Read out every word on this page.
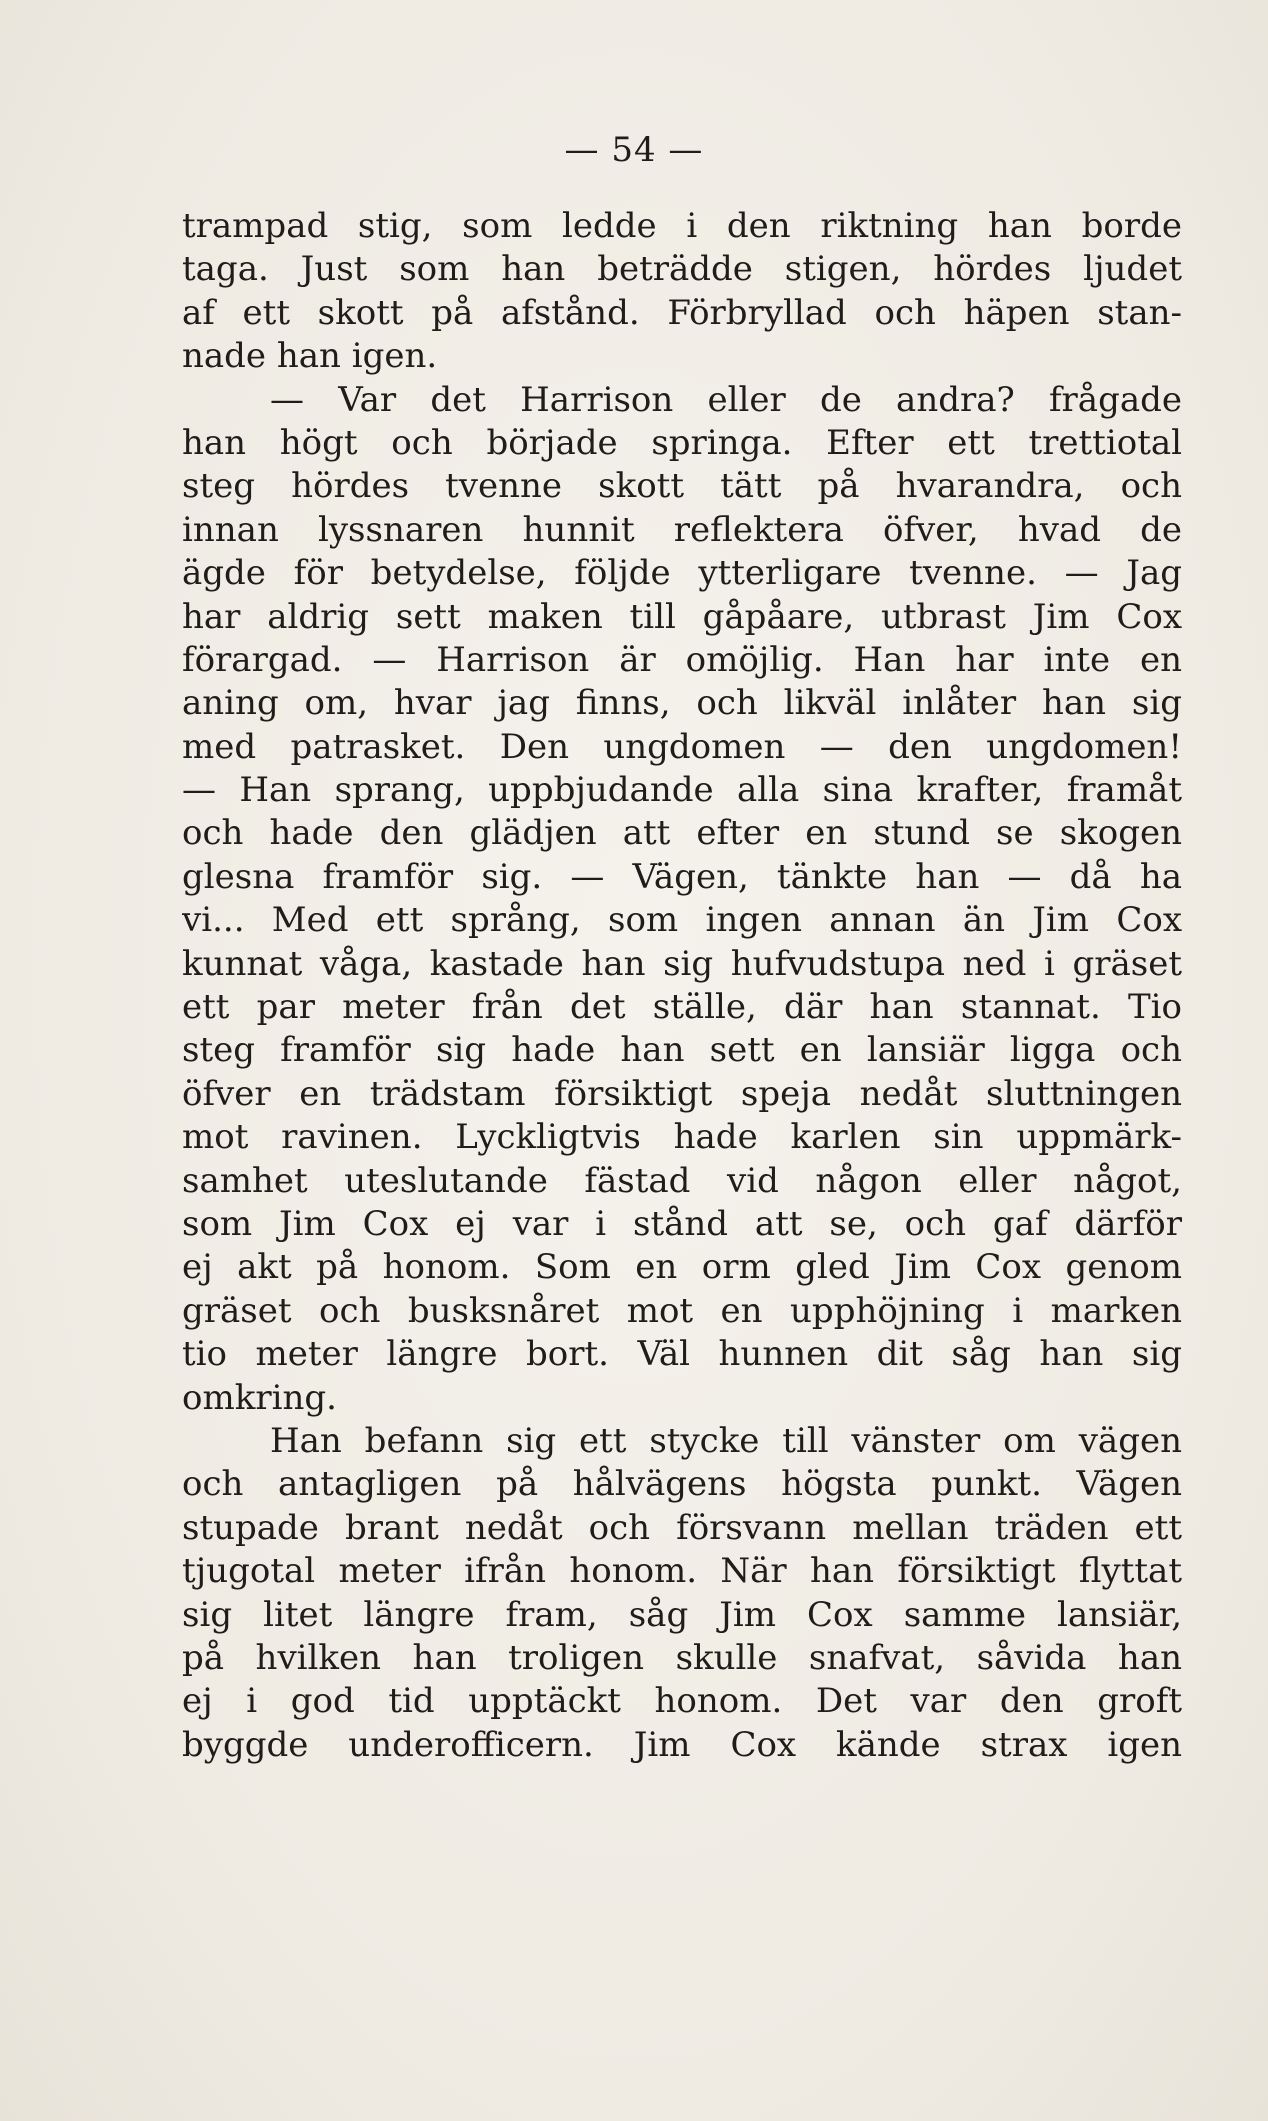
— 54 —
trampad stig, som ledde i den riktning han borde
taga. Just som han beträdde stigen, hördes ljudet
af ett skott på afstånd. Förbryllad och häpen stan-
nade han igen.
— Var det Harrison eller de andra? frågade
han högt och började springa. Efter ett trettiotal
steg hördes tvenne skott tätt på hvarandra, och
innan lyssnaren hunnit reflektera öfver, hvad de
ägde för betydelse, följde ytterligare tvenne. — Jag
har aldrig sett maken till gåpåare, utbrast Jim Cox
förargad. — Harrison är omöjlig. Han har inte en
aning om, hvar jag finns, och likväl inlåter han sig
med patrasket. Den ungdomen — den ungdomen!
— Han sprang, uppbjudande alla sina krafter, framåt
och hade den glädjen att efter en stund se skogen
glesna framför sig. — Vägen, tänkte han — då ha
vi... Med ett språng, som ingen annan än Jim Cox
kunnat våga, kastade han sig hufvudstupa ned i gräset
ett par meter från det ställe, där han stannat. Tio
steg framför sig hade han sett en lansiär ligga och
öfver en trädstam försiktigt speja nedåt sluttningen
mot ravinen. Lyckligtvis hade karlen sin uppmärk-
samhet uteslutande fästad vid någon eller något,
som Jim Cox ej var i stånd att se, och gaf därför
ej akt på honom. Som en orm gled Jim Cox genom
gräset och busksnåret mot en upphöjning i marken
tio meter längre bort. Väl hunnen dit såg han sig
omkring.
Han befann sig ett stycke till vänster om vägen
och antagligen på hålvägens högsta punkt. Vägen
stupade brant nedåt och försvann mellan träden ett
tjugotal meter ifrån honom. När han försiktigt flyttat
sig litet längre fram, såg Jim Cox samme lansiär,
på hvilken han troligen skulle snafvat, såvida han
ej i god tid upptäckt honom. Det var den groft
byggde underofficern. Jim Cox kände strax igen
